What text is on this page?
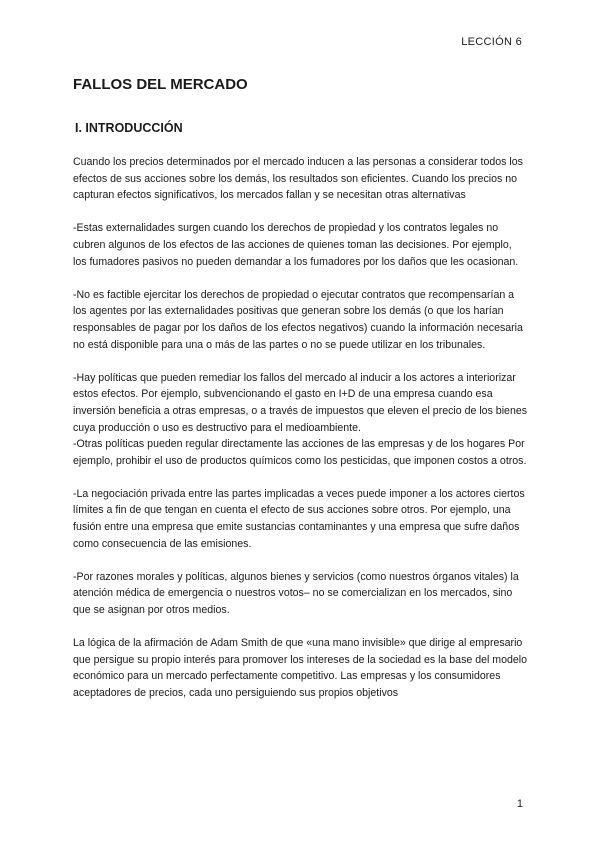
LECCIÓN 6
FALLOS DEL MERCADO
I. INTRODUCCIÓN

Cuando los precios determinados por el mercado inducen a las personas a considerar todos los efectos de sus acciones sobre los demás, los resultados son eficientes. Cuando los precios no capturan efectos significativos, los mercados fallan y se necesitan otras alternativas

-Estas externalidades surgen cuando los derechos de propiedad y los contratos legales no cubren algunos de los efectos de las acciones de quienes toman las decisiones. Por ejemplo, los fumadores pasivos no pueden demandar a los fumadores por los daños que les ocasionan.

-No es factible ejercitar los derechos de propiedad o ejecutar contratos que recompensarían a los agentes por las externalidades positivas que generan sobre los demás (o que los harían responsables de pagar por los daños de los efectos negativos) cuando la información necesaria no está disponible para una o más de las partes o no se puede utilizar en los tribunales.

-Hay políticas que pueden remediar los fallos del mercado al inducir a los actores a interiorizar estos efectos. Por ejemplo, subvencionando el gasto en I+D de una empresa cuando esa inversión beneficia a otras empresas, o a través de impuestos que eleven el precio de los bienes cuya producción o uso es destructivo para el medioambiente.

-Otras políticas pueden regular directamente las acciones de las empresas y de los hogares Por ejemplo, prohibir el uso de productos químicos como los pesticidas, que imponen costos a otros.

-La negociación privada entre las partes implicadas a veces puede imponer a los actores ciertos límites a fin de que tengan en cuenta el efecto de sus acciones sobre otros. Por ejemplo, una fusión entre una empresa que emite sustancias contaminantes y una empresa que sufre daños como consecuencia de las emisiones.

-Por razones morales y políticas, algunos bienes y servicios (como nuestros órganos vitales) la atención médica de emergencia o nuestros votos– no se comercializan en los mercados, sino que se asignan por otros medios.

La lógica de la afirmación de Adam Smith de que «una mano invisible» que dirige al empresario que persigue su propio interés para promover los intereses de la sociedad es la base del modelo económico para un mercado perfectamente competitivo. Las empresas y los consumidores aceptadores de precios, cada uno persiguiendo sus propios objetivos

1
